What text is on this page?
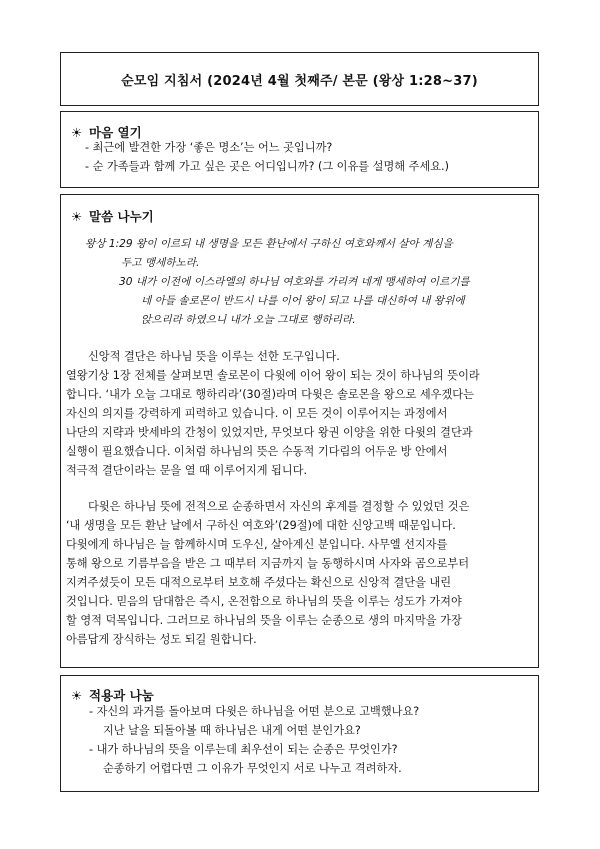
순모임 지침서 (2024년 4월 첫째주/ 본문 (왕상 1:28~37)
☀ 마음 열기
- 최근에 발견한 가장 ‘좋은 명소’는 어느 곳입니까?
- 순 가족들과 함께 가고 싶은 곳은 어디입니까? (그 이유를 설명해 주세요.)
☀ 말씀 나누기
왕상 1:29 왕이 이르되 내 생명을 모든 환난에서 구하신 여호와께서 살아 계심을
두고 맹세하노라.
30 내가 이전에 이스라엘의 하나님 여호와를 가리켜 네게 맹세하여 이르기를
네 아들 솔로몬이 반드시 나를 이어 왕이 되고 나를 대신하여 내 왕위에
앉으리라 하였으니 내가 오늘 그대로 행하리라.
신앙적 결단은 하나님 뜻을 이루는 선한 도구입니다.
열왕기상 1장 전체를 살펴보면 솔로몬이 다윗에 이어 왕이 되는 것이 하나님의 뜻이라
합니다. ‘내가 오늘 그대로 행하리라’(30절)라며 다윗은 솔로몬을 왕으로 세우겠다는
자신의 의지를 강력하게 피력하고 있습니다. 이 모든 것이 이루어지는 과정에서
나단의 지략과 밧세바의 간청이 있었지만, 무엇보다 왕권 이양을 위한 다윗의 결단과
실행이 필요했습니다. 이처럼 하나님의 뜻은 수동적 기다림의 어두운 방 안에서
적극적 결단이라는 문을 열 때 이루어지게 됩니다.
다윗은 하나님 뜻에 전적으로 순종하면서 자신의 후계를 결정할 수 있었던 것은
‘내 생명을 모든 환난 날에서 구하신 여호와’(29절)에 대한 신앙고백 때문입니다.
다윗에게 하나님은 늘 함께하시며 도우신, 살아계신 분입니다. 사무엘 선지자를
통해 왕으로 기름부음을 받은 그 때부터 지금까지 늘 동행하시며 사자와 곰으로부터
지켜주셨듯이 모든 대적으로부터 보호해 주셨다는 확신으로 신앙적 결단을 내린
것입니다. 믿음의 담대함은 즉시, 온전함으로 하나님의 뜻을 이루는 성도가 가져야
할 영적 덕목입니다. 그러므로 하나님의 뜻을 이루는 순종으로 생의 마지막을 가장
아름답게 장식하는 성도 되길 원합니다.
☀ 적용과 나눔
- 자신의 과거를 돌아보며 다윗은 하나님을 어떤 분으로 고백했나요?
지난 날을 되돌아볼 때 하나님은 내게 어떤 분인가요?
- 내가 하나님의 뜻을 이루는데 최우선이 되는 순종은 무엇인가?
순종하기 어렵다면 그 이유가 무엇인지 서로 나누고 격려하자.
